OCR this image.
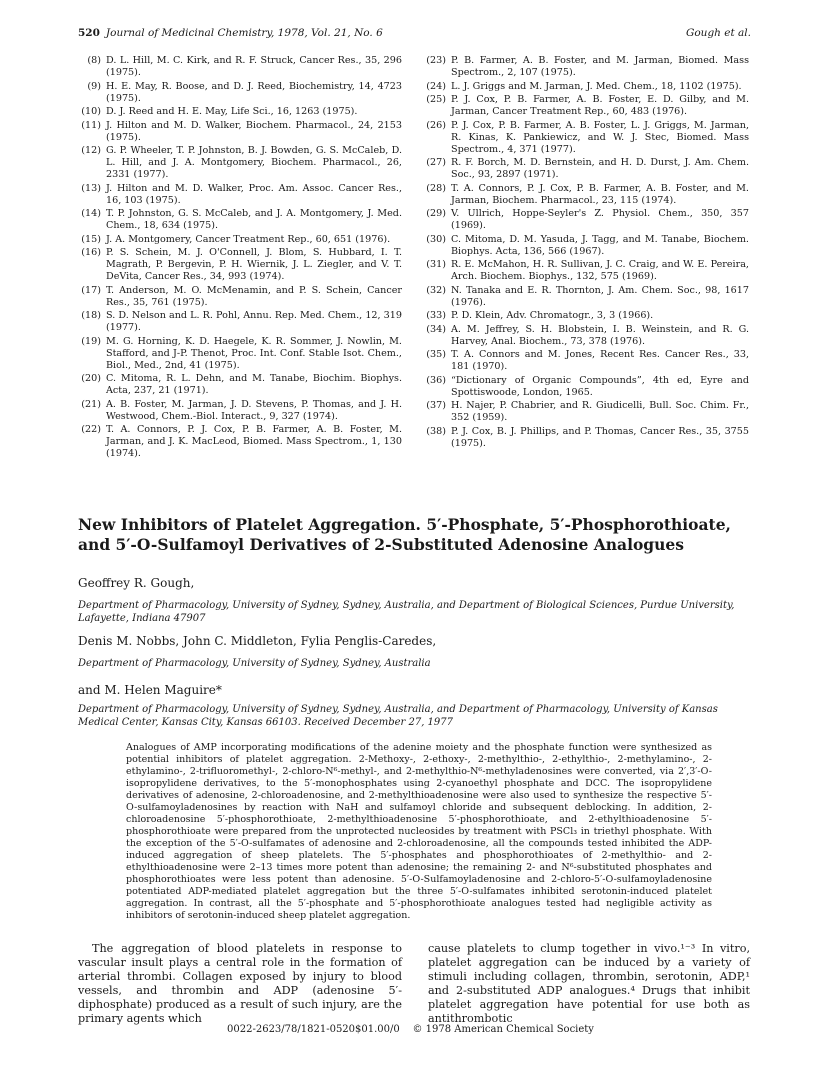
520 Journal of Medicinal Chemistry, 1978, Vol. 21, No. 6	Gough et al.
(8) D. L. Hill, M. C. Kirk, and R. F. Struck, Cancer Res., 35, 296 (1975).
(9) H. E. May, R. Boose, and D. J. Reed, Biochemistry, 14, 4723 (1975).
(10) D. J. Reed and H. E. May, Life Sci., 16, 1263 (1975).
(11) J. Hilton and M. D. Walker, Biochem. Pharmacol., 24, 2153 (1975).
(12) G. P. Wheeler, T. P. Johnston, B. J. Bowden, G. S. McCaleb, D. L. Hill, and J. A. Montgomery, Biochem. Pharmacol., 26, 2331 (1977).
(13) J. Hilton and M. D. Walker, Proc. Am. Assoc. Cancer Res., 16, 103 (1975).
(14) T. P. Johnston, G. S. McCaleb, and J. A. Montgomery, J. Med. Chem., 18, 634 (1975).
(15) J. A. Montgomery, Cancer Treatment Rep., 60, 651 (1976).
(16) P. S. Schein, M. J. O'Connell, J. Blom, S. Hubbard, I. T. Magrath, P. Bergevin, P. H. Wiernik, J. L. Ziegler, and V. T. DeVita, Cancer Res., 34, 993 (1974).
(17) T. Anderson, M. O. McMenamin, and P. S. Schein, Cancer Res., 35, 761 (1975).
(18) S. D. Nelson and L. R. Pohl, Annu. Rep. Med. Chem., 12, 319 (1977).
(19) M. G. Horning, K. D. Haegele, K. R. Sommer, J. Nowlin, M. Stafford, and J-P. Thenot, Proc. Int. Conf. Stable Isot. Chem., Biol., Med., 2nd, 41 (1975).
(20) C. Mitoma, R. L. Dehn, and M. Tanabe, Biochim. Biophys. Acta, 237, 21 (1971).
(21) A. B. Foster, M. Jarman, J. D. Stevens, P. Thomas, and J. H. Westwood, Chem.-Biol. Interact., 9, 327 (1974).
(22) T. A. Connors, P. J. Cox, P. B. Farmer, A. B. Foster, M. Jarman, and J. K. MacLeod, Biomed. Mass Spectrom., 1, 130 (1974).
(23) P. B. Farmer, A. B. Foster, and M. Jarman, Biomed. Mass Spectrom., 2, 107 (1975).
(24) L. J. Griggs and M. Jarman, J. Med. Chem., 18, 1102 (1975).
(25) P. J. Cox, P. B. Farmer, A. B. Foster, E. D. Gilby, and M. Jarman, Cancer Treatment Rep., 60, 483 (1976).
(26) P. J. Cox, P. B. Farmer, A. B. Foster, L. J. Griggs, M. Jarman, R. Kinas, K. Pankiewicz, and W. J. Stec, Biomed. Mass Spectrom., 4, 371 (1977).
(27) R. F. Borch, M. D. Bernstein, and H. D. Durst, J. Am. Chem. Soc., 93, 2897 (1971).
(28) T. A. Connors, P. J. Cox, P. B. Farmer, A. B. Foster, and M. Jarman, Biochem. Pharmacol., 23, 115 (1974).
(29) V. Ullrich, Hoppe-Seyler's Z. Physiol. Chem., 350, 357 (1969).
(30) C. Mitoma, D. M. Yasuda, J. Tagg, and M. Tanabe, Biochem. Biophys. Acta, 136, 566 (1967).
(31) R. E. McMahon, H. R. Sullivan, J. C. Craig, and W. E. Pereira, Arch. Biochem. Biophys., 132, 575 (1969).
(32) N. Tanaka and E. R. Thornton, J. Am. Chem. Soc., 98, 1617 (1976).
(33) P. D. Klein, Adv. Chromatogr., 3, 3 (1966).
(34) A. M. Jeffrey, S. H. Blobstein, I. B. Weinstein, and R. G. Harvey, Anal. Biochem., 73, 378 (1976).
(35) T. A. Connors and M. Jones, Recent Res. Cancer Res., 33, 181 (1970).
(36) “Dictionary of Organic Compounds”, 4th ed, Eyre and Spottiswoode, London, 1965.
(37) H. Najer, P. Chabrier, and R. Giudicelli, Bull. Soc. Chim. Fr., 352 (1959).
(38) P. J. Cox, B. J. Phillips, and P. Thomas, Cancer Res., 35, 3755 (1975).
New Inhibitors of Platelet Aggregation. 5′-Phosphate, 5′-Phosphorothioate, and 5′-O-Sulfamoyl Derivatives of 2-Substituted Adenosine Analogues
Geoffrey R. Gough,
Department of Pharmacology, University of Sydney, Sydney, Australia, and Department of Biological Sciences, Purdue University, Lafayette, Indiana 47907
Denis M. Nobbs, John C. Middleton, Fylia Penglis-Caredes,
Department of Pharmacology, University of Sydney, Sydney, Australia
and M. Helen Maguire*
Department of Pharmacology, University of Sydney, Sydney, Australia, and Department of Pharmacology, University of Kansas Medical Center, Kansas City, Kansas 66103. Received December 27, 1977
Analogues of AMP incorporating modifications of the adenine moiety and the phosphate function were synthesized as potential inhibitors of platelet aggregation. 2-Methoxy-, 2-ethoxy-, 2-methylthio-, 2-ethylthio-, 2-methylamino-, 2-ethylamino-, 2-trifluoromethyl-, 2-chloro-N⁶-methyl-, and 2-methylthio-N⁶-methyladenosines were converted, via 2′,3′-O-isopropylidene derivatives, to the 5′-monophosphates using 2-cyanoethyl phosphate and DCC. The isopropylidene derivatives of adenosine, 2-chloroadenosine, and 2-methylthioadenosine were also used to synthesize the respective 5′-O-sulfamoyladenosines by reaction with NaH and sulfamoyl chloride and subsequent deblocking. In addition, 2-chloroadenosine 5′-phosphorothioate, 2-methylthioadenosine 5′-phosphorothioate, and 2-ethylthioadenosine 5′-phosphorothioate were prepared from the unprotected nucleosides by treatment with PSCl₃ in triethyl phosphate. With the exception of the 5′-O-sulfamates of adenosine and 2-chloroadenosine, all the compounds tested inhibited the ADP-induced aggregation of sheep platelets. The 5′-phosphates and phosphorothioates of 2-methylthio- and 2-ethylthioadenosine were 2–13 times more potent than adenosine; the remaining 2- and N⁶-substituted phosphates and phosphorothioates were less potent than adenosine. 5′-O-Sulfamoyladenosine and 2-chloro-5′-O-sulfamoyladenosine potentiated ADP-mediated platelet aggregation but the three 5′-O-sulfamates inhibited serotonin-induced platelet aggregation. In contrast, all the 5′-phosphate and 5′-phosphorothioate analogues tested had negligible activity as inhibitors of serotonin-induced sheep platelet aggregation.
The aggregation of blood platelets in response to vascular insult plays a central role in the formation of arterial thrombi. Collagen exposed by injury to blood vessels, and thrombin and ADP (adenosine 5′-diphosphate) produced as a result of such injury, are the primary agents which
cause platelets to clump together in vivo.¹⁻³ In vitro, platelet aggregation can be induced by a variety of stimuli including collagen, thrombin, serotonin, ADP,¹ and 2-substituted ADP analogues.⁴ Drugs that inhibit platelet aggregation have potential for use both as antithrombotic
0022-2623/78/1821-0520$01.00/0 © 1978 American Chemical Society
